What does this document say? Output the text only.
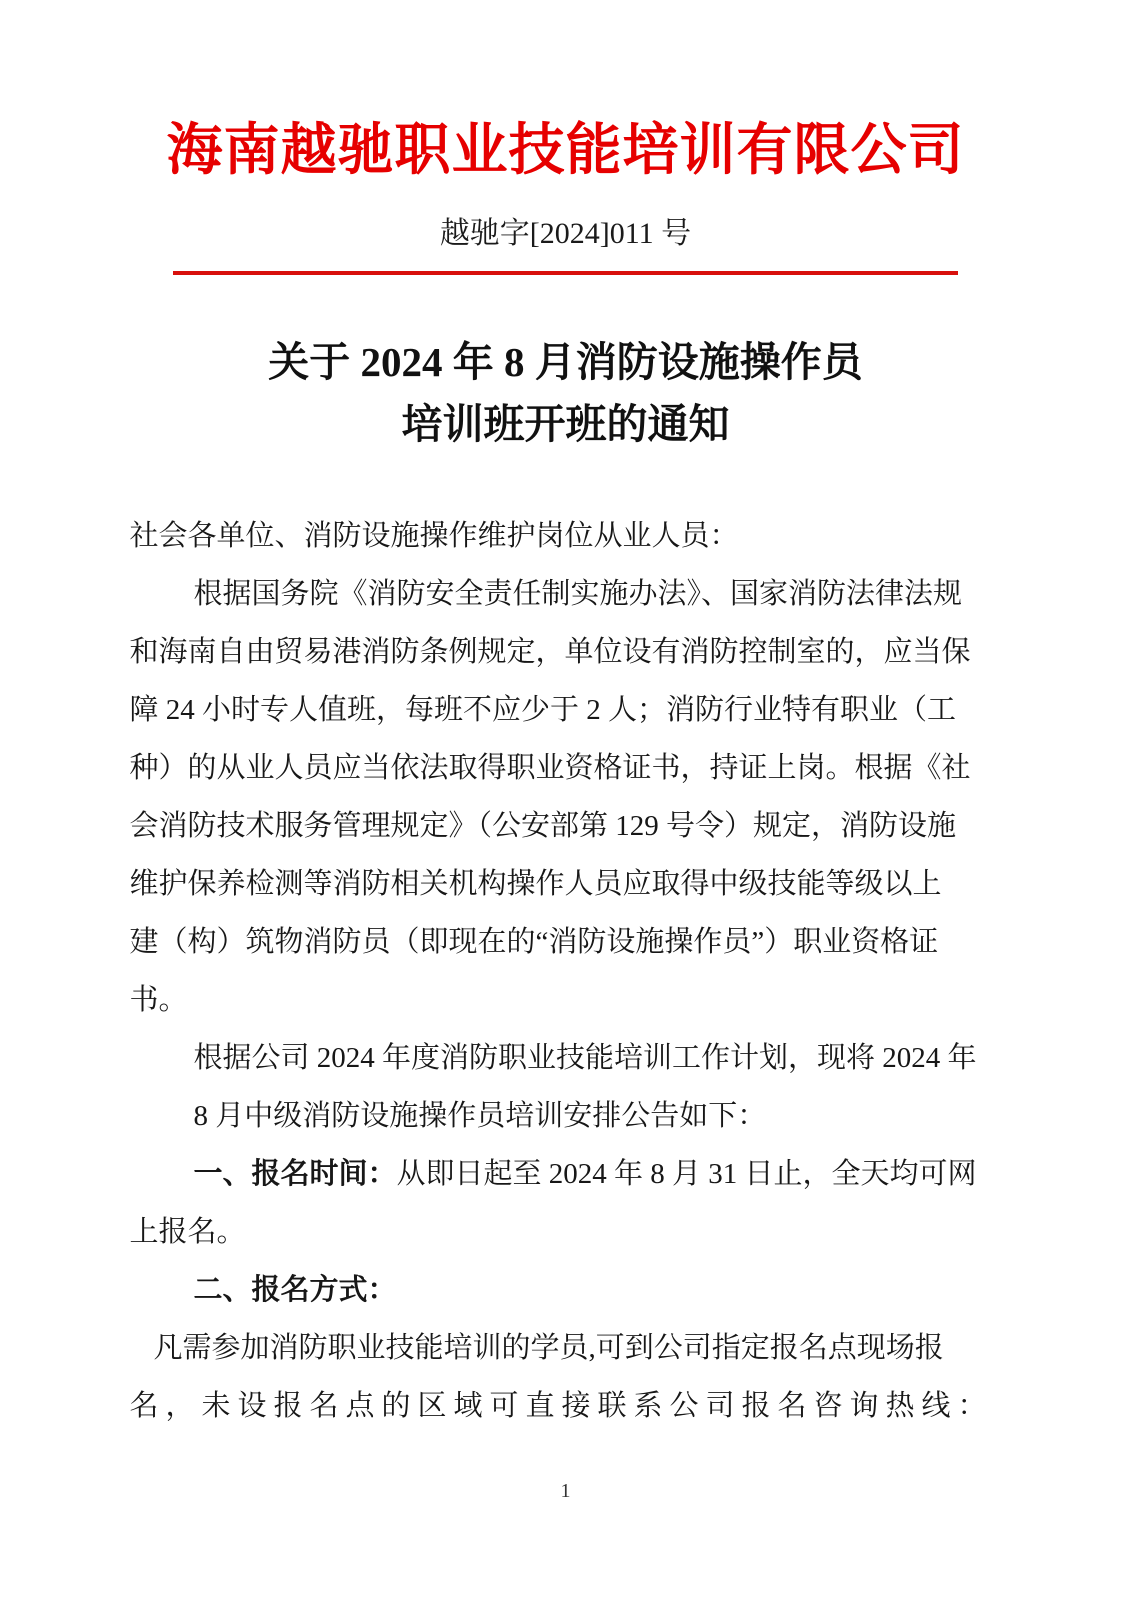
海南越驰职业技能培训有限公司
越驰字[2024]011 号
关于 2024 年 8 月消防设施操作员
培训班开班的通知
社会各单位、消防设施操作维护岗位从业人员：
根据国务院《消防安全责任制实施办法》、国家消防法律法规
和海南自由贸易港消防条例规定，单位设有消防控制室的，应当保
障 24 小时专人值班，每班不应少于 2 人；消防行业特有职业（工
种）的从业人员应当依法取得职业资格证书，持证上岗。根据《社
会消防技术服务管理规定》（公安部第 129 号令）规定，消防设施
维护保养检测等消防相关机构操作人员应取得中级技能等级以上
建（构）筑物消防员（即现在的“消防设施操作员”）职业资格证
书。
根据公司 2024 年度消防职业技能培训工作计划，现将 2024 年
8 月中级消防设施操作员培训安排公告如下：
一、报名时间：从即日起至 2024 年 8 月 31 日止，全天均可网
上报名。
二、报名方式：
凡需参加消防职业技能培训的学员,可到公司指定报名点现场报
名，未设报名点的区域可直接联系公司报名咨询热线：
1
